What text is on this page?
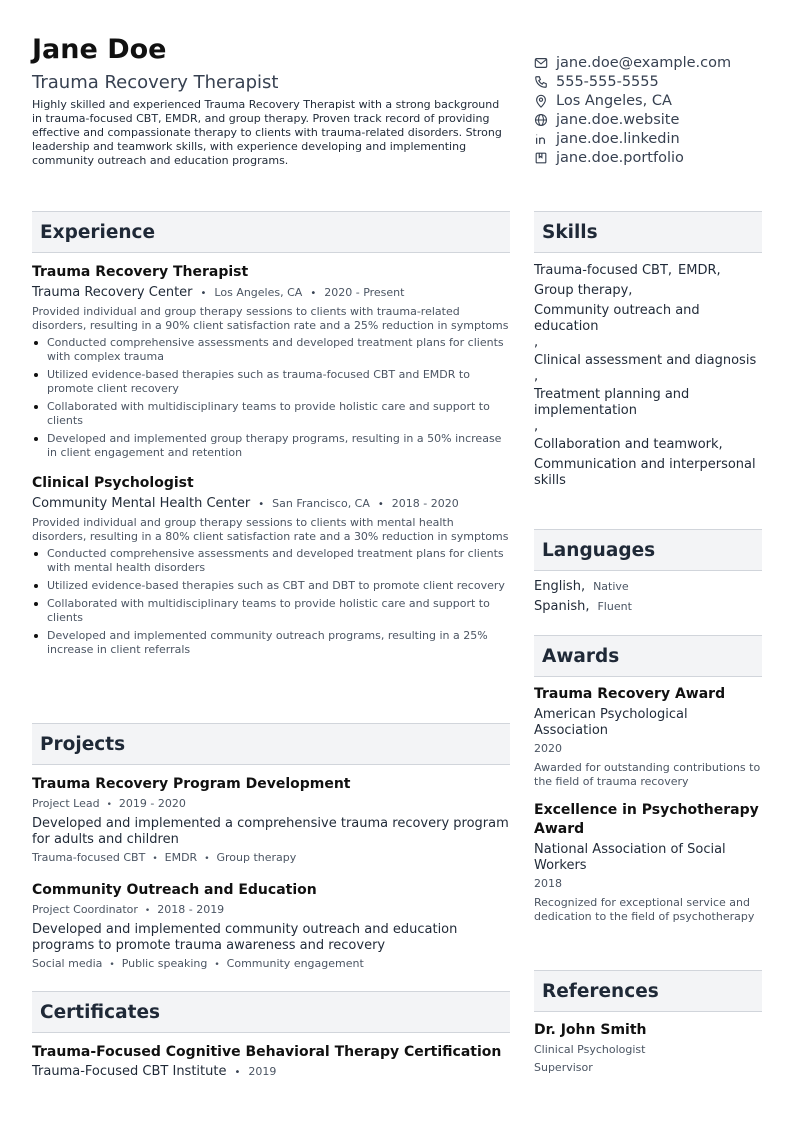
Jane Doe
Trauma Recovery Therapist
Highly skilled and experienced Trauma Recovery Therapist with a strong background in trauma-focused CBT, EMDR, and group therapy. Proven track record of providing effective and compassionate therapy to clients with trauma-related disorders. Strong leadership and teamwork skills, with experience developing and implementing community outreach and education programs.
jane.doe@example.com
555-555-5555
Los Angeles, CA
jane.doe.website
jane.doe.linkedin
jane.doe.portfolio
Experience
Trauma Recovery Therapist
Trauma Recovery Center • Los Angeles, CA • 2020 - Present
Provided individual and group therapy sessions to clients with trauma-related disorders, resulting in a 90% client satisfaction rate and a 25% reduction in symptoms
Conducted comprehensive assessments and developed treatment plans for clients with complex trauma
Utilized evidence-based therapies such as trauma-focused CBT and EMDR to promote client recovery
Collaborated with multidisciplinary teams to provide holistic care and support to clients
Developed and implemented group therapy programs, resulting in a 50% increase in client engagement and retention
Clinical Psychologist
Community Mental Health Center • San Francisco, CA • 2018 - 2020
Provided individual and group therapy sessions to clients with mental health disorders, resulting in a 80% client satisfaction rate and a 30% reduction in symptoms
Conducted comprehensive assessments and developed treatment plans for clients with mental health disorders
Utilized evidence-based therapies such as CBT and DBT to promote client recovery
Collaborated with multidisciplinary teams to provide holistic care and support to clients
Developed and implemented community outreach programs, resulting in a 25% increase in client referrals
Projects
Trauma Recovery Program Development
Project Lead • 2019 - 2020
Developed and implemented a comprehensive trauma recovery program for adults and children
Trauma-focused CBT • EMDR • Group therapy
Community Outreach and Education
Project Coordinator • 2018 - 2019
Developed and implemented community outreach and education programs to promote trauma awareness and recovery
Social media • Public speaking • Community engagement
Certificates
Trauma-Focused Cognitive Behavioral Therapy Certification
Trauma-Focused CBT Institute • 2019
Skills
Trauma-focused CBT, EMDR,
Group therapy,
Community outreach and education
,
Clinical assessment and diagnosis
,
Treatment planning and implementation
,
Collaboration and teamwork,
Communication and interpersonal skills
Languages
English, Native
Spanish, Fluent
Awards
Trauma Recovery Award
American Psychological Association
2020
Awarded for outstanding contributions to the field of trauma recovery
Excellence in Psychotherapy Award
National Association of Social Workers
2018
Recognized for exceptional service and dedication to the field of psychotherapy
References
Dr. John Smith
Clinical Psychologist
Supervisor
